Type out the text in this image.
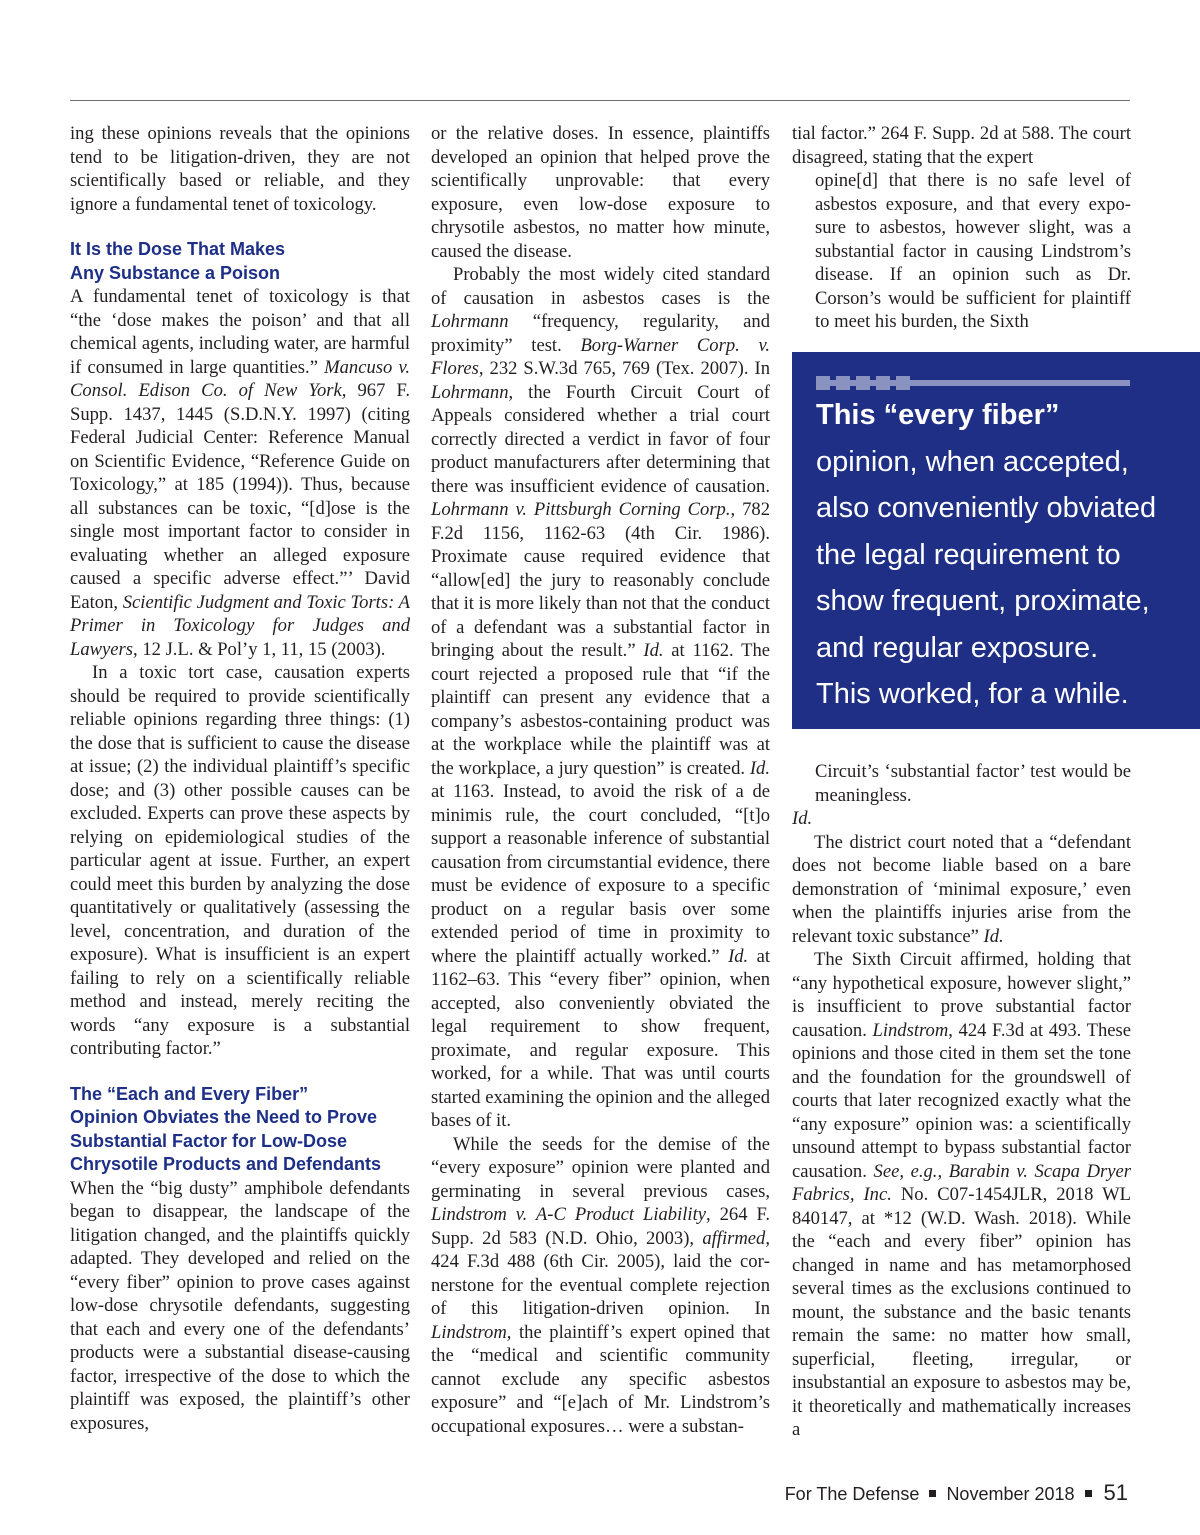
ing these opinions reveals that the opinions tend to be litigation-driven, they are not scientifically based or reliable, and they ignore a fundamental tenet of toxicology.

It Is the Dose That Makes
Any Substance a Poison

A fundamental tenet of toxicology is that “the ‘dose makes the poison’ and that all chemical agents, including water, are harmful if consumed in large quantities.” Mancuso v. Consol. Edison Co. of New York, 967 F. Supp. 1437, 1445 (S.D.N.Y. 1997) (citing Federal Judicial Center: Reference Manual on Scientific Evidence, “Reference Guide on Toxicology,” at 185 (1994)). Thus, because all substances can be toxic, “[d]ose is the single most important factor to consider in evaluating whether an alleged exposure caused a specific adverse effect.”’ David Eaton, Scientific Judgment and Toxic Torts: A Primer in Toxicology for Judges and Lawyers, 12 J.L. & Pol’y 1, 11, 15 (2003).

In a toxic tort case, causation experts should be required to provide scientifically reliable opinions regarding three things: (1) the dose that is sufficient to cause the disease at issue; (2) the individual plaintiff’s specific dose; and (3) other possible causes can be excluded. Experts can prove these aspects by relying on epidemiological studies of the particular agent at issue. Further, an expert could meet this burden by analyzing the dose quantitatively or qualitatively (assessing the level, concentration, and duration of the exposure). What is insufficient is an expert failing to rely on a scientifically reliable method and instead, merely reciting the words “any exposure is a substantial contributing factor.”

The “Each and Every Fiber”
Opinion Obviates the Need to Prove
Substantial Factor for Low-Dose
Chrysotile Products and Defendants

When the “big dusty” amphibole defendants began to disappear, the landscape of the litigation changed, and the plaintiffs quickly adapted. They developed and relied on the “every fiber” opinion to prove cases against low-dose chrysotile defendants, suggesting that each and every one of the defendants’ products were a substantial disease-causing factor, irrespective of the dose to which the plaintiff was exposed, the plaintiff’s other exposures,

or the relative doses. In essence, plaintiffs developed an opinion that helped prove the scientifically unprovable: that every exposure, even low-dose exposure to chrysotile asbestos, no matter how minute, caused the disease.

Probably the most widely cited standard of causation in asbestos cases is the Lohrmann “frequency, regularity, and proximity” test. Borg-Warner Corp. v. Flores, 232 S.W.3d 765, 769 (Tex. 2007). In Lohrmann, the Fourth Circuit Court of Appeals considered whether a trial court correctly directed a verdict in favor of four product manufacturers after determining that there was insufficient evidence of causation. Lohrmann v. Pittsburgh Corning Corp., 782 F.2d 1156, 1162-63 (4th Cir. 1986). Proximate cause required evidence that “allow[ed] the jury to reasonably conclude that it is more likely than not that the conduct of a defendant was a substantial factor in bringing about the result.” Id. at 1162. The court rejected a proposed rule that “if the plaintiff can present any evidence that a company’s asbestos-containing product was at the workplace while the plaintiff was at the workplace, a jury question” is created. Id. at 1163. Instead, to avoid the risk of a de minimis rule, the court concluded, “[t]o support a reasonable inference of substantial causation from circumstantial evidence, there must be evidence of exposure to a specific product on a regular basis over some extended period of time in proximity to where the plaintiff actually worked.” Id. at 1162–63. This “every fiber” opinion, when accepted, also conveniently obviated the legal requirement to show frequent, proximate, and regular exposure. This worked, for a while. That was until courts started examining the opinion and the alleged bases of it.

While the seeds for the demise of the “every exposure” opinion were planted and germinating in several previous cases, Lindstrom v. A-C Product Liability, 264 F. Supp. 2d 583 (N.D. Ohio, 2003), affirmed, 424 F.3d 488 (6th Cir. 2005), laid the cornerstone for the eventual complete rejection of this litigation-driven opinion. In Lindstrom, the plaintiff’s expert opined that the “medical and scientific community cannot exclude any specific asbestos exposure” and “[e]ach of Mr. Lindstrom’s occupational exposures… were a substan-

tial factor.” 264 F. Supp. 2d at 588. The court disagreed, stating that the expert

opine[d] that there is no safe level of asbestos exposure, and that every exposure to asbestos, however slight, was a substantial factor in causing Lindstrom’s disease. If an opinion such as Dr. Corson’s would be sufficient for plaintiff to meet his burden, the Sixth

This “every fiber”
opinion, when accepted,
also conveniently obviated
the legal requirement to
show frequent, proximate,
and regular exposure.
This worked, for a while.

Circuit’s ‘substantial factor’ test would be meaningless.

Id.

The district court noted that a “defendant does not become liable based on a bare demonstration of ‘minimal exposure,’ even when the plaintiffs injuries arise from the relevant toxic substance” Id.

The Sixth Circuit affirmed, holding that “any hypothetical exposure, however slight,” is insufficient to prove substantial factor causation. Lindstrom, 424 F.3d at 493. These opinions and those cited in them set the tone and the foundation for the groundswell of courts that later recognized exactly what the “any exposure” opinion was: a scientifically unsound attempt to bypass substantial factor causation. See, e.g., Barabin v. Scapa Dryer Fabrics, Inc. No. C07-1454JLR, 2018 WL 840147, at *12 (W.D. Wash. 2018). While the “each and every fiber” opinion has changed in name and has metamorphosed several times as the exclusions continued to mount, the substance and the basic tenants remain the same: no matter how small, superficial, fleeting, irregular, or insubstantial an exposure to asbestos may be, it theoretically and mathematically increases a

For The Defense November 2018 51
